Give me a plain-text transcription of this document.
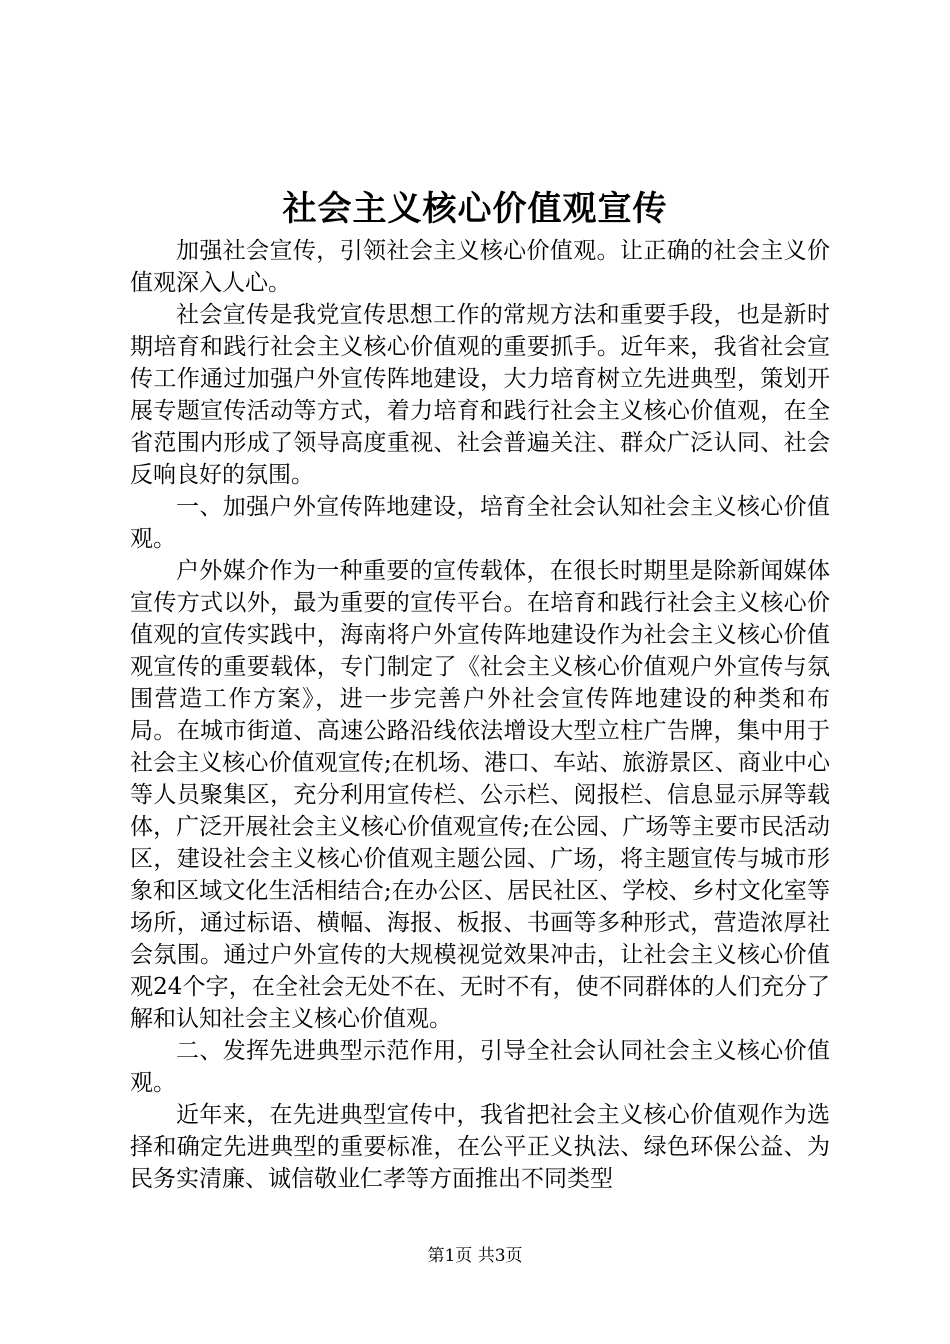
社会主义核心价值观宣传

加强社会宣传，引领社会主义核心价值观。让正确的社会主义价值观深入人心。

社会宣传是我党宣传思想工作的常规方法和重要手段，也是新时期培育和践行社会主义核心价值观的重要抓手。近年来，我省社会宣传工作通过加强户外宣传阵地建设，大力培育树立先进典型，策划开展专题宣传活动等方式，着力培育和践行社会主义核心价值观，在全省范围内形成了领导高度重视、社会普遍关注、群众广泛认同、社会反响良好的氛围。

一、加强户外宣传阵地建设，培育全社会认知社会主义核心价值观。

户外媒介作为一种重要的宣传载体，在很长时期里是除新闻媒体宣传方式以外，最为重要的宣传平台。在培育和践行社会主义核心价值观的宣传实践中，海南将户外宣传阵地建设作为社会主义核心价值观宣传的重要载体，专门制定了《社会主义核心价值观户外宣传与氛围营造工作方案》，进一步完善户外社会宣传阵地建设的种类和布局。在城市街道、高速公路沿线依法增设大型立柱广告牌，集中用于社会主义核心价值观宣传;在机场、港口、车站、旅游景区、商业中心等人员聚集区，充分利用宣传栏、公示栏、阅报栏、信息显示屏等载体，广泛开展社会主义核心价值观宣传;在公园、广场等主要市民活动区，建设社会主义核心价值观主题公园、广场，将主题宣传与城市形象和区域文化生活相结合;在办公区、居民社区、学校、乡村文化室等场所，通过标语、横幅、海报、板报、书画等多种形式，营造浓厚社会氛围。通过户外宣传的大规模视觉效果冲击，让社会主义核心价值观24个字，在全社会无处不在、无时不有，使不同群体的人们充分了解和认知社会主义核心价值观。

二、发挥先进典型示范作用，引导全社会认同社会主义核心价值观。

近年来，在先进典型宣传中，我省把社会主义核心价值观作为选择和确定先进典型的重要标准，在公平正义执法、绿色环保公益、为民务实清廉、诚信敬业仁孝等方面推出不同类型

第1页 共3页
